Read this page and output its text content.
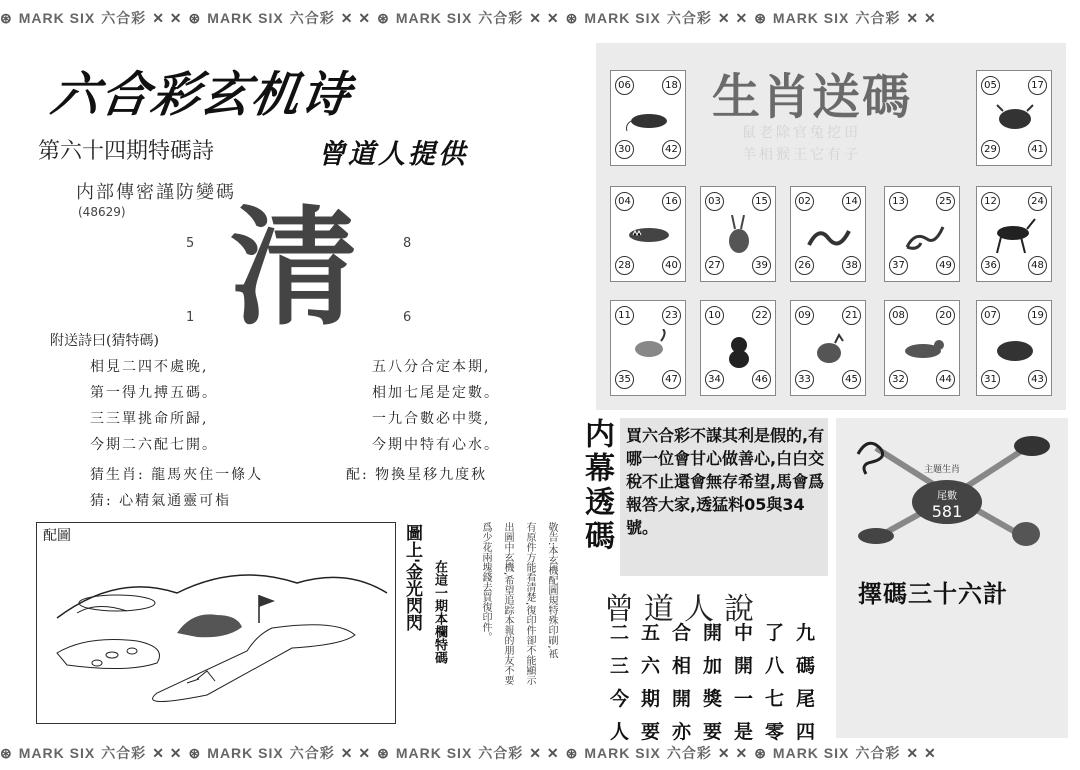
⊛ MARK SIX 六合彩 ✕ ✕ ⊛ MARK SIX 六合彩 ✕ ✕ ⊛ MARK SIX 六合彩 ✕ ✕ ⊛ MARK SIX 六合彩 ✕ ✕ ⊛ MARK SIX 六合彩 ✕ ✕
⊛ MARK SIX 六合彩 ✕ ✕ ⊛ MARK SIX 六合彩 ✕ ✕ ⊛ MARK SIX 六合彩 ✕ ✕ ⊛ MARK SIX 六合彩 ✕ ✕ ⊛ MARK SIX 六合彩 ✕ ✕
六合彩玄机诗
第六十四期特碼詩	曾道人提供
内部傳密謹防變碼
(48629)
5	8
1	6
清
附送詩曰(猜特碼)
相見二四不處晚,
第一得九搏五碼。
三三單挑命所歸,
今期二六配七開。
五八分合定本期,
相加七尾是定數。
一九合數必中獎,
今期中特有心水。
猜生肖: 龍馬夾住一條人	配: 物換星移九度秋
猜: 心精氣通靈可栺
配圖	圖上'金光閃閃 在這一期本欄特碼	敬告:本玄機配圖規特殊印刷,祇
有原件方能看清楚,復印件卻不能顯示
出圖中玄機,希望追踪本報的朋友不要
爲少花兩塊錢去買復印件。
生肖送碼
鼠老除官兔挖田
羊相猴王它有子
06	18
30	42
05	17
29	41
04	16
28	40
03	15
27	39
02	14
26	38
13	25
37	49
12	24
36	48
11	23
35	47
10	22
34	46
09	21
33	45
08	20
32	44
07	19
31	43
内幕透碼 買六合彩不謀其利是假的,有哪一位會甘心做善心,白白交稅不止還會無存希望,馬會爲報答大家,透猛料05與34號。
曾道人說
二 五 合 開 中 了 九
三 六 相 加 開 八 碼
今 期 開 獎 一 七 尾
人 要 亦 要 是 零 四
主題生肖
尾數
581
擇碼三十六計
